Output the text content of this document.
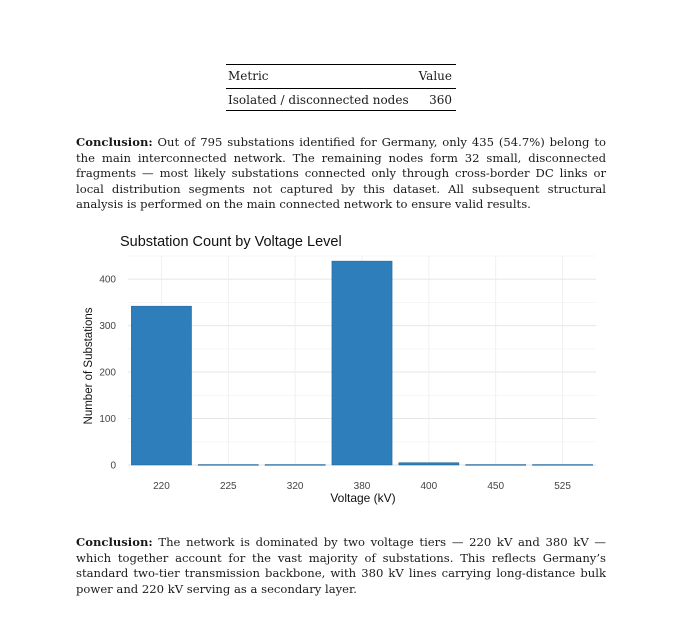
Metric	Value
Isolated / disconnected nodes 360

Conclusion: Out of 795 substations identified for Germany, only 435 (54.7%) belong to the main interconnected network. The remaining nodes form 32 small, disconnected fragments — most likely substations connected only through cross-border DC links or local distribution segments not captured by this dataset. All subsequent structural analysis is performed on the main connected network to ensure valid results.

Substation Count by Voltage Level
0
100
200
300
400
220	225	320	380	400	450	525
Voltage (kV)
Number of Substations

Conclusion: The network is dominated by two voltage tiers — 220 kV and 380 kV — which together account for the vast majority of substations. This reflects Germany’s standard two-tier transmission backbone, with 380 kV lines carrying long-distance bulk power and 220 kV serving as a secondary layer.
